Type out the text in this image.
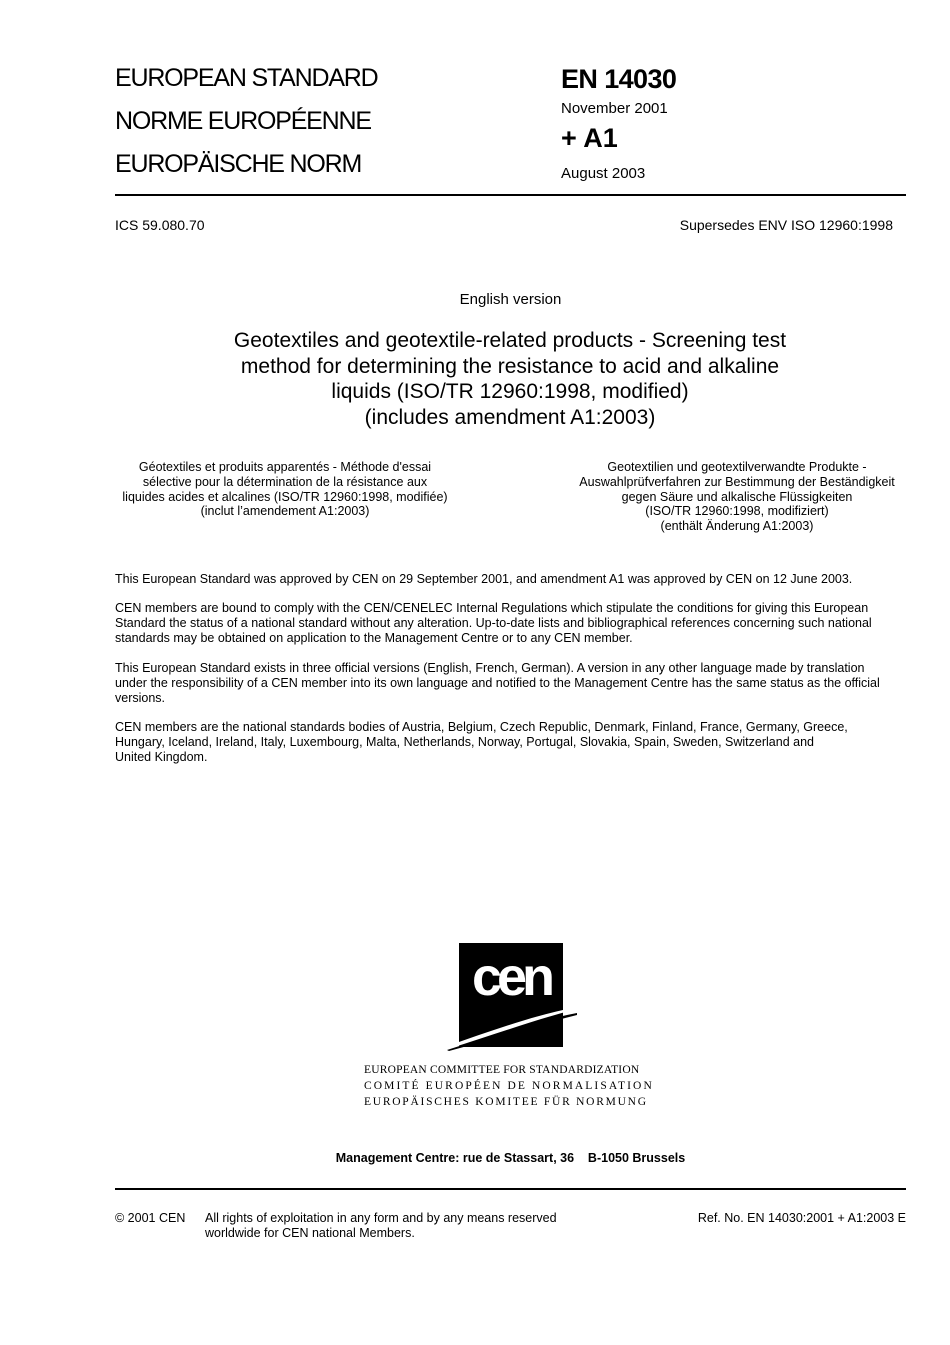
EUROPEAN STANDARD
NORME EUROPÉENNE
EUROPÄISCHE NORM
EN 14030
November 2001
+ A1
August 2003
ICS 59.080.70	Supersedes ENV ISO 12960:1998
English version
Geotextiles and geotextile-related products - Screening test
method for determining the resistance to acid and alkaline
liquids (ISO/TR 12960:1998, modified)
(includes amendment A1:2003)
Géotextiles et produits apparentés - Méthode d'essai
sélective pour la détermination de la résistance aux
liquides acides et alcalines (ISO/TR 12960:1998, modifiée)
(inclut l’amendement A1:2003)
Geotextilien und geotextilverwandte Produkte -
Auswahlprüfverfahren zur Bestimmung der Beständigkeit
gegen Säure und alkalische Flüssigkeiten
(ISO/TR 12960:1998, modifiziert)
(enthält Änderung A1:2003)
This European Standard was approved by CEN on 29 September 2001, and amendment A1 was approved by CEN on 12 June 2003.
CEN members are bound to comply with the CEN/CENELEC Internal Regulations which stipulate the conditions for giving this European
Standard the status of a national standard without any alteration. Up-to-date lists and bibliographical references concerning such national
standards may be obtained on application to the Management Centre or to any CEN member.
This European Standard exists in three official versions (English, French, German). A version in any other language made by translation
under the responsibility of a CEN member into its own language and notified to the Management Centre has the same status as the official
versions.
CEN members are the national standards bodies of Austria, Belgium, Czech Republic, Denmark, Finland, France, Germany, Greece,
Hungary, Iceland, Ireland, Italy, Luxembourg, Malta, Netherlands, Norway, Portugal, Slovakia, Spain, Sweden, Switzerland and
United Kingdom.
cen
EUROPEAN COMMITTEE FOR STANDARDIZATION
COMITÉ EUROPÉEN DE NORMALISATION
EUROPÄISCHES KOMITEE FÜR NORMUNG
Management Centre: rue de Stassart, 36    B-1050 Brussels
© 2001 CEN All rights of exploitation in any form and by any means reserved
worldwide for CEN national Members.
Ref. No. EN 14030:2001 + A1:2003 E
